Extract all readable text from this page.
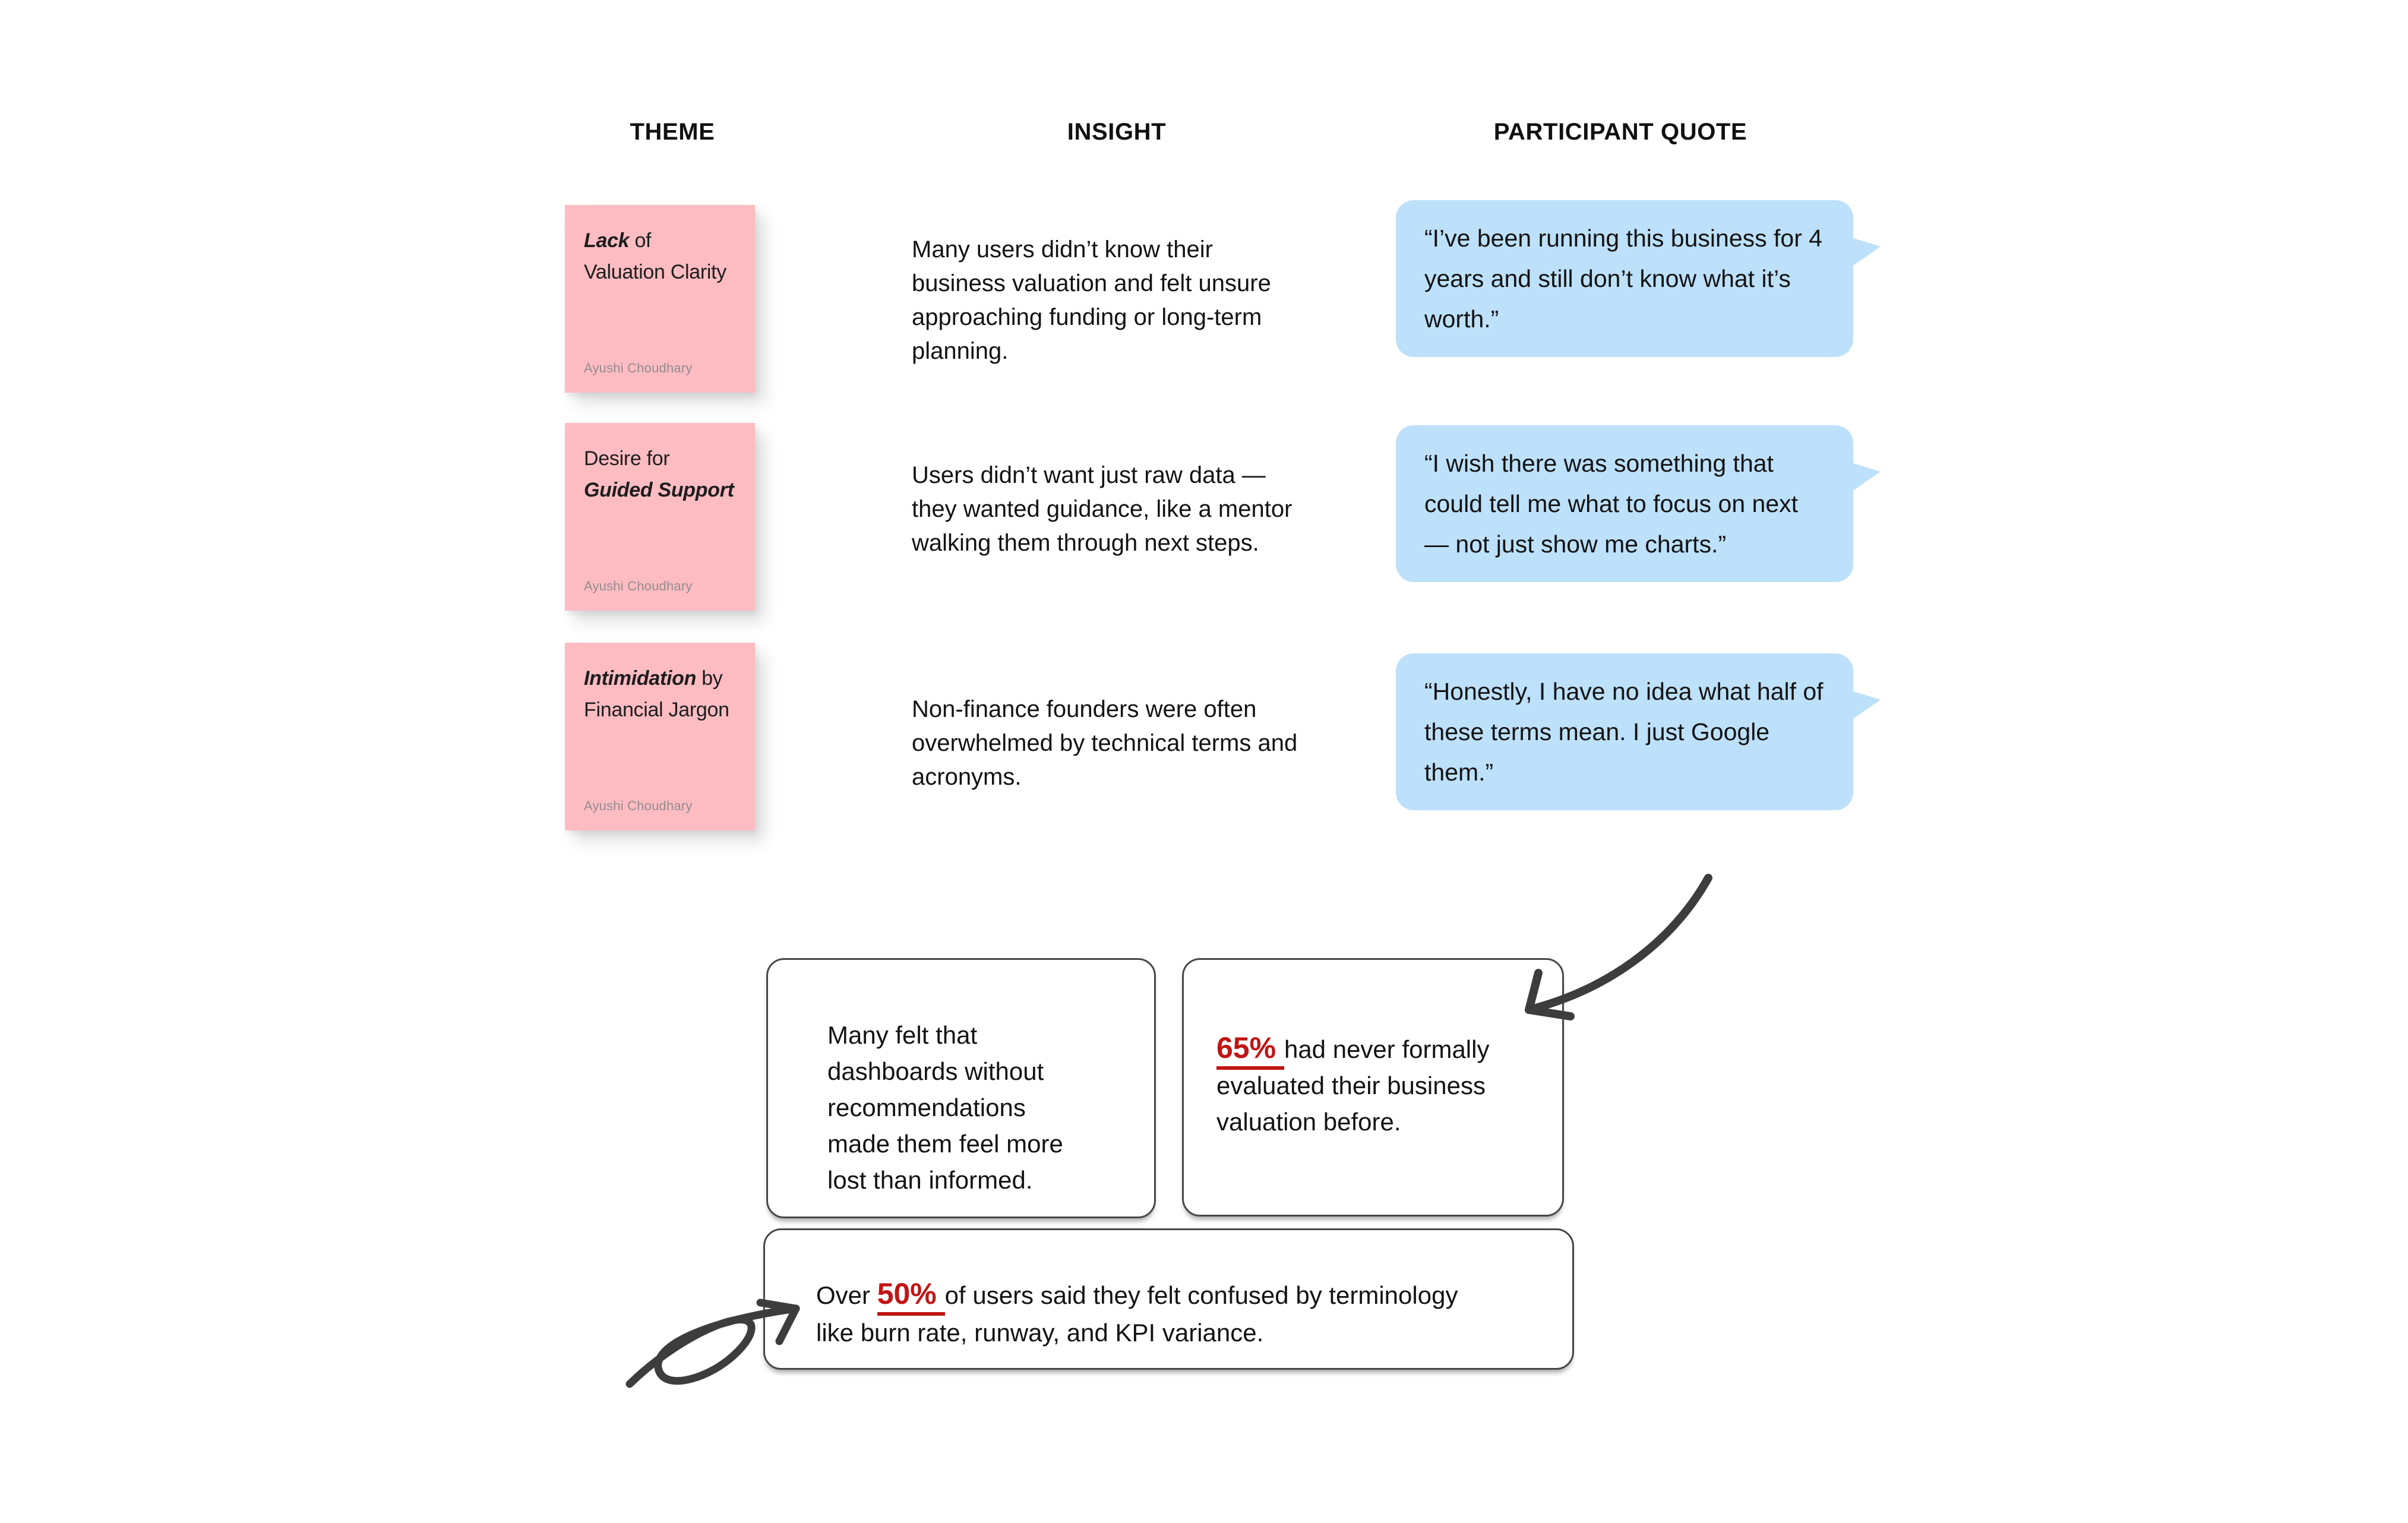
THEME	INSIGHT	PARTICIPANT QUOTE
Lack of
Valuation Clarity
Ayushi Choudhary
Many users didn’t know their business valuation and felt unsure approaching funding or long-term planning.
“I’ve been running this business for 4 years and still don’t know what it’s worth.”
Desire for
Guided Support
Ayushi Choudhary
Users didn’t want just raw data — they wanted guidance, like a mentor walking them through next steps.
“I wish there was something that could tell me what to focus on next — not just show me charts.”
Intimidation by
Financial Jargon
Ayushi Choudhary
Non-finance founders were often overwhelmed by technical terms and acronyms.
“Honestly, I have no idea what half of these terms mean. I just Google them.”
Many felt that dashboards without recommendations made them feel more lost than informed.
65% had never formally evaluated their business valuation before.
Over 50% of users said they felt confused by terminology like burn rate, runway, and KPI variance.
